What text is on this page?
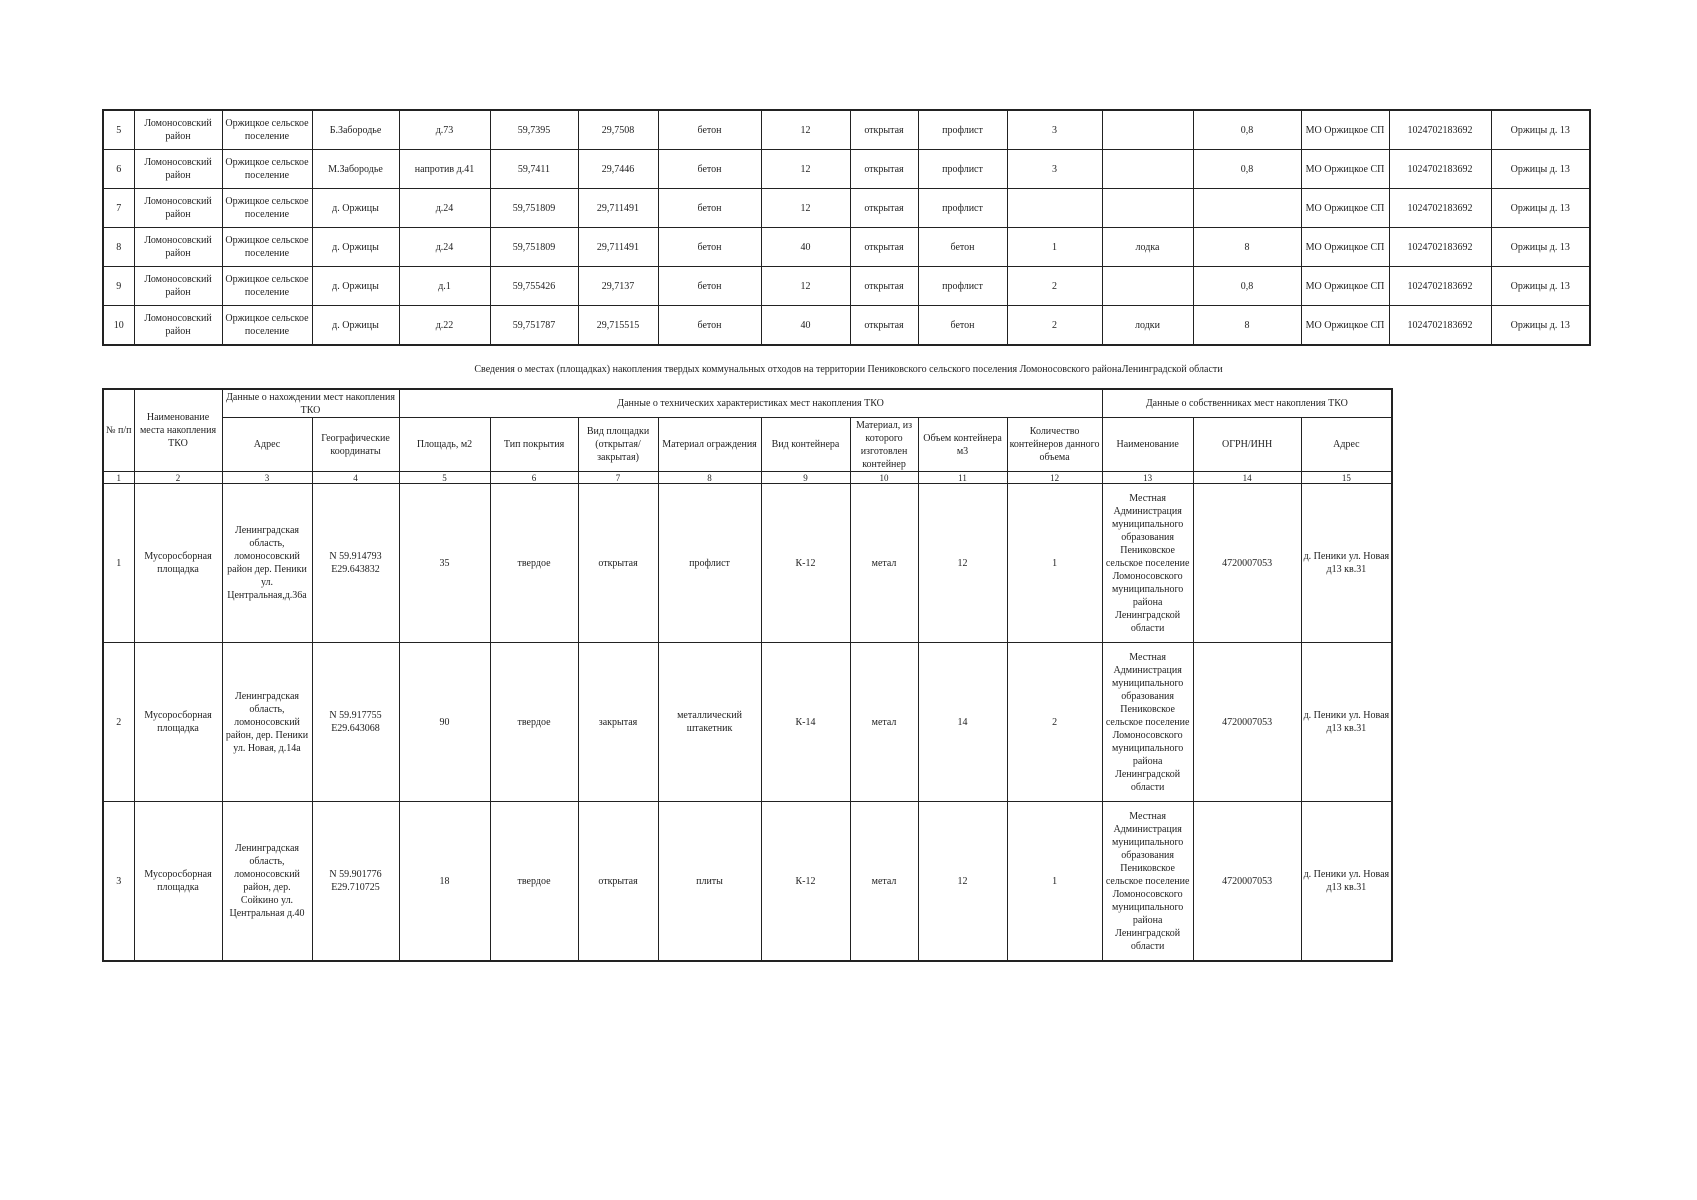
5	Ломоносовский район	Оржицкое сельское поселение	Б.Забородье	д.73	59,7395	29,7508	бетон	12	открытая	профлист	3		0,8	МО Оржицкое СП	1024702183692	Оржицы д. 13
6	Ломоносовский район	Оржицкое сельское поселение	М.Забородье	напротив д.41	59,7411	29,7446	бетон	12	открытая	профлист	3		0,8	МО Оржицкое СП	1024702183692	Оржицы д. 13
7	Ломоносовский район	Оржицкое сельское поселение	д. Оржицы	д.24	59,751809	29,711491	бетон	12	открытая	профлист				МО Оржицкое СП	1024702183692	Оржицы д. 13
8	Ломоносовский район	Оржицкое сельское поселение	д. Оржицы	д.24	59,751809	29,711491	бетон	40	открытая	бетон	1	лодка	8	МО Оржицкое СП	1024702183692	Оржицы д. 13
9	Ломоносовский район	Оржицкое сельское поселение	д. Оржицы	д.1	59,755426	29,7137	бетон	12	открытая	профлист	2		0,8	МО Оржицкое СП	1024702183692	Оржицы д. 13
10	Ломоносовский район	Оржицкое сельское поселение	д. Оржицы	д.22	59,751787	29,715515	бетон	40	открытая	бетон	2	лодки	8	МО Оржицкое СП	1024702183692	Оржицы д. 13
Сведения о местах (площадках) накопления твердых коммунальных отходов на территории Пениковского сельского поселения Ломоносовского районаЛенинградской области
№ п/п	Наименование места накопления ТКО	Данные о нахождении мест накопления ТКО		Данные о технических характеристиках мест накопления ТКО								Данные о собственниках мест накопления ТКО		
		Адрес	Географические координаты	Площадь, м2	Тип покрытия	Вид площадки (открытая/закрытая)	Материал ограждения	Вид контейнера	Материал, из которого изготовлен контейнер	Объем контейнера м3	Количество контейнеров данного объема	Наименование	ОГРН/ИНН	Адрес
1	2	3	4	5	6	7	8	9	10	11	12	13	14	15
1	Мусоросборная площадка	Ленинградская область, ломоносовский район дер. Пеники ул. Центральная,д.36а	N 59.914793 E29.643832	35	твердое	открытая	профлист	К-12	метал	12	1	Местная Администрация муниципального образования Пениковское сельское поселение Ломоносовского муниципального района Ленинградской области	4720007053	д. Пеники ул. Новая д13 кв.31
2	Мусоросборная площадка	Ленинградская область, ломоносовский район, дер. Пеники ул. Новая, д.14а	N 59.917755 E29.643068	90	твердое	закрытая	металлический штакетник	К-14	метал	14	2	Местная Администрация муниципального образования Пениковское сельское поселение Ломоносовского муниципального района Ленинградской области	4720007053	д. Пеники ул. Новая д13 кв.31
3	Мусоросборная площадка	Ленинградская область, ломоносовский район, дер. Сойкино ул. Центральная д.40	N 59.901776 E29.710725	18	твердое	открытая	плиты	К-12	метал	12	1	Местная Администрация муниципального образования Пениковское сельское поселение Ломоносовского муниципального района Ленинградской области	4720007053	д. Пеники ул. Новая д13 кв.31
